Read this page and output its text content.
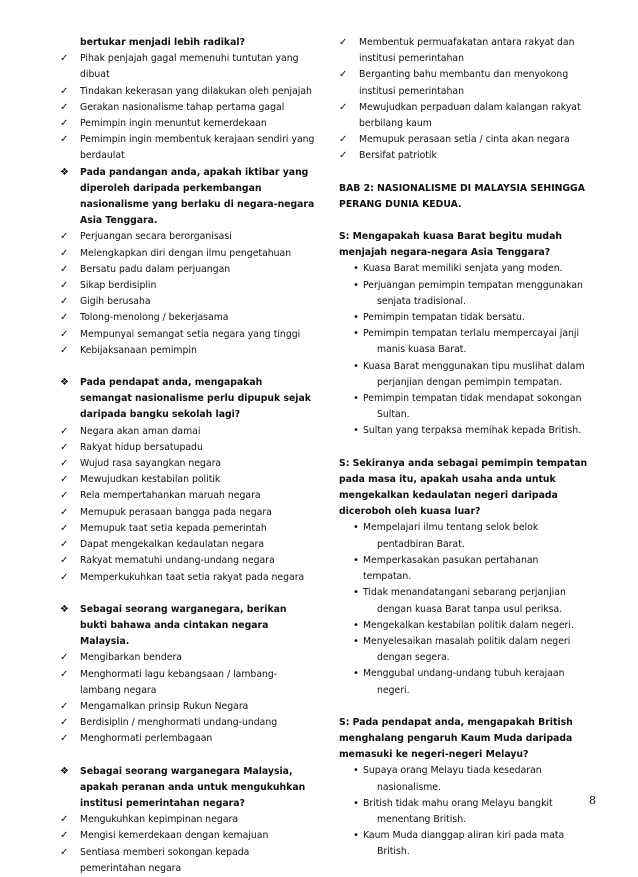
bertukar menjadi lebih radikal?
✓	Pihak penjajah gagal memenuhi tuntutan yang dibuat
✓	Tindakan kekerasan yang dilakukan oleh penjajah
✓	Gerakan nasionalisme tahap pertama gagal
✓	Pemimpin ingin menuntut kemerdekaan
✓	Pemimpin ingin membentuk kerajaan sendiri yang berdaulat
❖	Pada pandangan anda, apakah iktibar yang diperoleh daripada perkembangan nasionalisme yang berlaku di negara-negara Asia Tenggara.
✓	Perjuangan secara berorganisasi
✓	Melengkapkan diri dengan ilmu pengetahuan
✓	Bersatu padu dalam perjuangan
✓	Sikap berdisiplin
✓	Gigih berusaha
✓	Tolong-menolong / bekerjasama
✓	Mempunyai semangat setia negara yang tinggi
✓	Kebijaksanaan pemimpin
❖	Pada pendapat anda, mengapakah semangat nasionalisme perlu dipupuk sejak daripada bangku sekolah lagi?
✓	Negara akan aman damai
✓	Rakyat hidup bersatupadu
✓	Wujud rasa sayangkan negara
✓	Mewujudkan kestabilan politik
✓	Rela mempertahankan maruah negara
✓	Memupuk perasaan bangga pada negara
✓	Memupuk taat setia kepada pemerintah
✓	Dapat mengekalkan kedaulatan negara
✓	Rakyat mematuhi undang-undang negara
✓	Memperkukuhkan taat setia rakyat pada negara
❖	Sebagai seorang warganegara, berikan bukti bahawa anda cintakan negara Malaysia.
✓	Mengibarkan bendera
✓	Menghormati lagu kebangsaan / lambang-lambang negara
✓	Mengamalkan prinsip Rukun Negara
✓	Berdisiplin / menghormati undang-undang
✓	Menghormati perlembagaan
❖	Sebagai seorang warganegara Malaysia, apakah peranan anda untuk mengukuhkan institusi pemerintahan negara?
✓	Mengukuhkan kepimpinan negara
✓	Mengisi kemerdekaan dengan kemajuan
✓	Sentiasa memberi sokongan kepada pemerintahan negara
✓	Membentuk permuafakatan antara rakyat dan institusi pemerintahan
✓	Berganting bahu membantu dan menyokong institusi pemerintahan
✓	Mewujudkan perpaduan dalam kalangan rakyat berbilang kaum
✓	Memupuk perasaan setia / cinta akan negara
✓	Bersifat patriotik
BAB 2: NASIONALISME DI MALAYSIA SEHINGGA PERANG DUNIA KEDUA.
S: Mengapakah kuasa Barat begitu mudah menjajah negara-negara Asia Tenggara?
• Kuasa Barat memiliki senjata yang moden.
• Perjuangan pemimpin tempatan menggunakan
senjata tradisional.
• Pemimpin tempatan tidak bersatu.
• Pemimpin tempatan terlalu mempercayai janji
manis kuasa Barat.
• Kuasa Barat menggunakan tipu muslihat dalam
perjanjian dengan pemimpin tempatan.
• Pemimpin tempatan tidak mendapat sokongan
Sultan.
• Sultan yang terpaksa memihak kepada British.
S: Sekiranya anda sebagai pemimpin tempatan pada masa itu, apakah usaha anda untuk mengekalkan kedaulatan negeri daripada diceroboh oleh kuasa luar?
• Mempelajari ilmu tentang selok belok
pentadbiran Barat.
• Memperkasakan pasukan pertahanan tempatan.
• Tidak menandatangani sebarang perjanjian
dengan kuasa Barat tanpa usul periksa.
• Mengekalkan kestabilan politik dalam negeri.
• Menyelesaikan masalah politik dalam negeri
dengan segera.
• Menggubal undang-undang tubuh kerajaan
negeri.
S: Pada pendapat anda, mengapakah British menghalang pengaruh Kaum Muda daripada memasuki ke negeri-negeri Melayu?
• Supaya orang Melayu tiada kesedaran
nasionalisme.
• British tidak mahu orang Melayu bangkit
menentang British.
• Kaum Muda dianggap aliran kiri pada mata
British.
8
